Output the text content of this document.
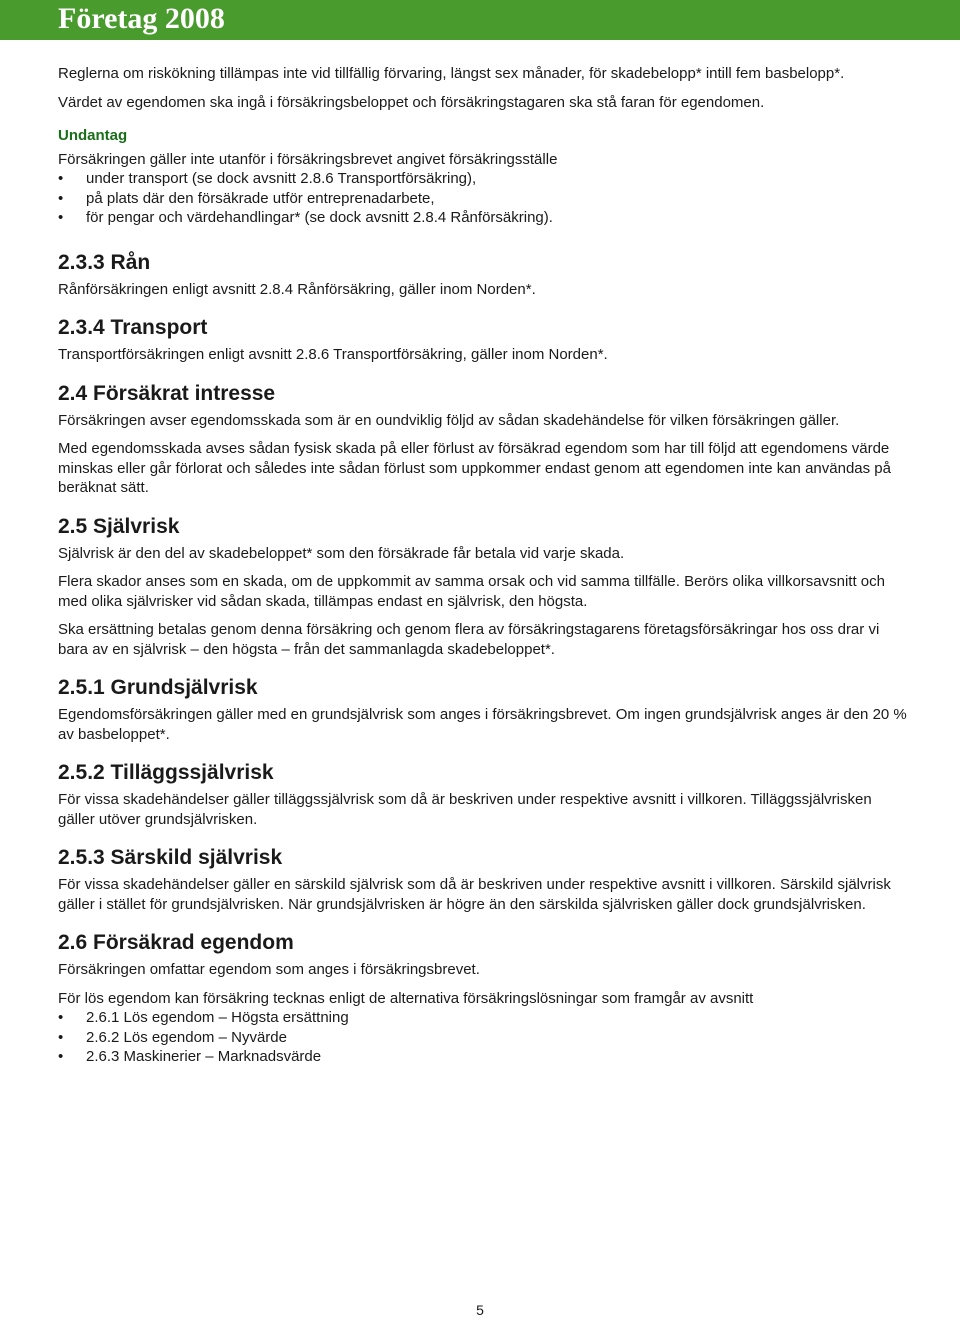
Företag 2008

Reglerna om riskökning tillämpas inte vid tillfällig förvaring, längst sex månader, för skadebelopp* intill fem basbelopp*.

Värdet av egendomen ska ingå i försäkringsbeloppet och försäkringstagaren ska stå faran för egendomen.

Undantag

Försäkringen gäller inte utanför i försäkringsbrevet angivet försäkringsställe

• under transport (se dock avsnitt 2.8.6 Transportförsäkring),
• på plats där den försäkrade utför entreprenadarbete,
• för pengar och värdehandlingar* (se dock avsnitt 2.8.4 Rånförsäkring).
2.3.3 Rån

Rånförsäkringen enligt avsnitt 2.8.4 Rånförsäkring, gäller inom Norden*.

2.3.4 Transport

Transportförsäkringen enligt avsnitt 2.8.6 Transportförsäkring, gäller inom Norden*.

2.4 Försäkrat intresse

Försäkringen avser egendomsskada som är en oundviklig följd av sådan skadehändelse för vilken försäkringen gäller.

Med egendomsskada avses sådan fysisk skada på eller förlust av försäkrad egendom som har till följd att egendomens värde minskas eller går förlorat och således inte sådan förlust som uppkommer endast genom att egendomen inte kan användas på beräknat sätt.

2.5 Självrisk

Självrisk är den del av skadebeloppet* som den försäkrade får betala vid varje skada.

Flera skador anses som en skada, om de uppkommit av samma orsak och vid samma tillfälle. Berörs olika villkorsavsnitt och med olika självrisker vid sådan skada, tillämpas endast en självrisk, den högsta.

Ska ersättning betalas genom denna försäkring och genom flera av försäkringstagarens företagsförsäkringar hos oss drar vi bara av en självrisk – den högsta – från det sammanlagda skadebeloppet*.

2.5.1 Grundsjälvrisk

Egendomsförsäkringen gäller med en grundsjälvrisk som anges i försäkringsbrevet. Om ingen grundsjälvrisk anges är den 20 % av basbeloppet*.

2.5.2 Tilläggssjälvrisk

För vissa skadehändelser gäller tilläggssjälvrisk som då är beskriven under respektive avsnitt i villkoren. Tilläggssjälvrisken gäller utöver grundsjälvrisken.

2.5.3 Särskild självrisk

För vissa skadehändelser gäller en särskild självrisk som då är beskriven under respektive avsnitt i villkoren. Särskild självrisk gäller i stället för grundsjälvrisken. När grundsjälvrisken är högre än den särskilda självrisken gäller dock grundsjälvrisken.

2.6 Försäkrad egendom

Försäkringen omfattar egendom som anges i försäkringsbrevet.

För lös egendom kan försäkring tecknas enligt de alternativa försäkringslösningar som framgår av avsnitt

• 2.6.1 Lös egendom – Högsta ersättning
• 2.6.2 Lös egendom – Nyvärde
• 2.6.3 Maskinerier – Marknadsvärde
5
